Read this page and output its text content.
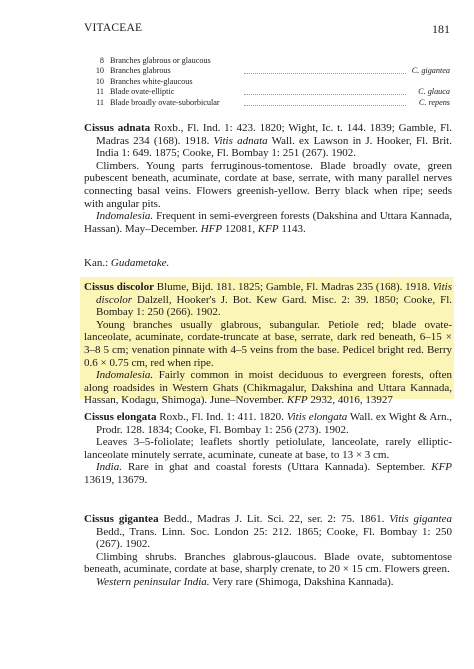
VITACEAE	181
8 Branches glabrous or glaucous
10 Branches glabrous	C. gigantea
10 Branches white-glaucous
11 Blade ovate-elliptic	C. glauca
11 Blade broadly ovate-suborbicular	C. repens

Cissus adnata Roxb., Fl. Ind. 1: 423. 1820; Wight, Ic. t. 144. 1839; Gamble, Fl. Madras 234 (168). 1918. Vitis adnata Wall. ex Lawson in J. Hooker, Fl. Brit. India 1: 649. 1875; Cooke, Fl. Bombay 1: 251 (267). 1902.

Climbers. Young parts ferruginous-tomentose. Blade broadly ovate, green pubescent beneath, acuminate, cordate at base, serrate, with many parallel nerves connecting basal veins. Flowers greenish-yellow. Berry black when ripe; seeds with angular pits.

Indomalesia. Frequent in semi-evergreen forests (Dakshina and Uttara Kannada, Hassan). May–December. HFP 12081, KFP 1143.

Kan.: Gudametake.

Cissus discolor Blume, Bijd. 181. 1825; Gamble, Fl. Madras 235 (168). 1918. Vitis discolor Dalzell, Hooker's J. Bot. Kew Gard. Misc. 2: 39. 1850; Cooke, Fl. Bombay 1: 250 (266). 1902.

Young branches usually glabrous, subangular. Petiole red; blade ovate-lanceolate, acuminate, cordate-truncate at base, serrate, dark red beneath, 6–15 × 3–8 5 cm; venation pinnate with 4–5 veins from the base. Pedicel bright red. Berry 0.6 × 0.75 cm, red when ripe.

Indomalesia. Fairly common in moist deciduous to evergreen forests, often along roadsides in Western Ghats (Chikmagalur, Dakshina and Uttara Kannada, Hassan, Kodagu, Shimoga). June–November. KFP 2932, 4016, 13927

Cissus elongata Roxb., Fl. Ind. 1: 411. 1820. Vitis elongata Wall. ex Wight & Arn., Prodr. 128. 1834; Cooke, Fl. Bombay 1: 256 (273). 1902.

Leaves 3–5-foliolate; leaflets shortly petiolulate, lanceolate, rarely elliptic-lanceolate minutely serrate, acuminate, cuneate at base, to 13 × 3 cm.

India. Rare in ghat and coastal forests (Uttara Kannada). September. KFP 13619, 13679.

Cissus gigantea Bedd., Madras J. Lit. Sci. 22, ser. 2: 75. 1861. Vitis gigantea Bedd., Trans. Linn. Soc. London 25: 212. 1865; Cooke, Fl. Bombay 1: 250 (267). 1902.

Climbing shrubs. Branches glabrous-glaucous. Blade ovate, subtomentose beneath, acuminate, cordate at base, sharply crenate, to 20 × 15 cm. Flowers green.

Western peninsular India. Very rare (Shimoga, Dakshina Kannada).
